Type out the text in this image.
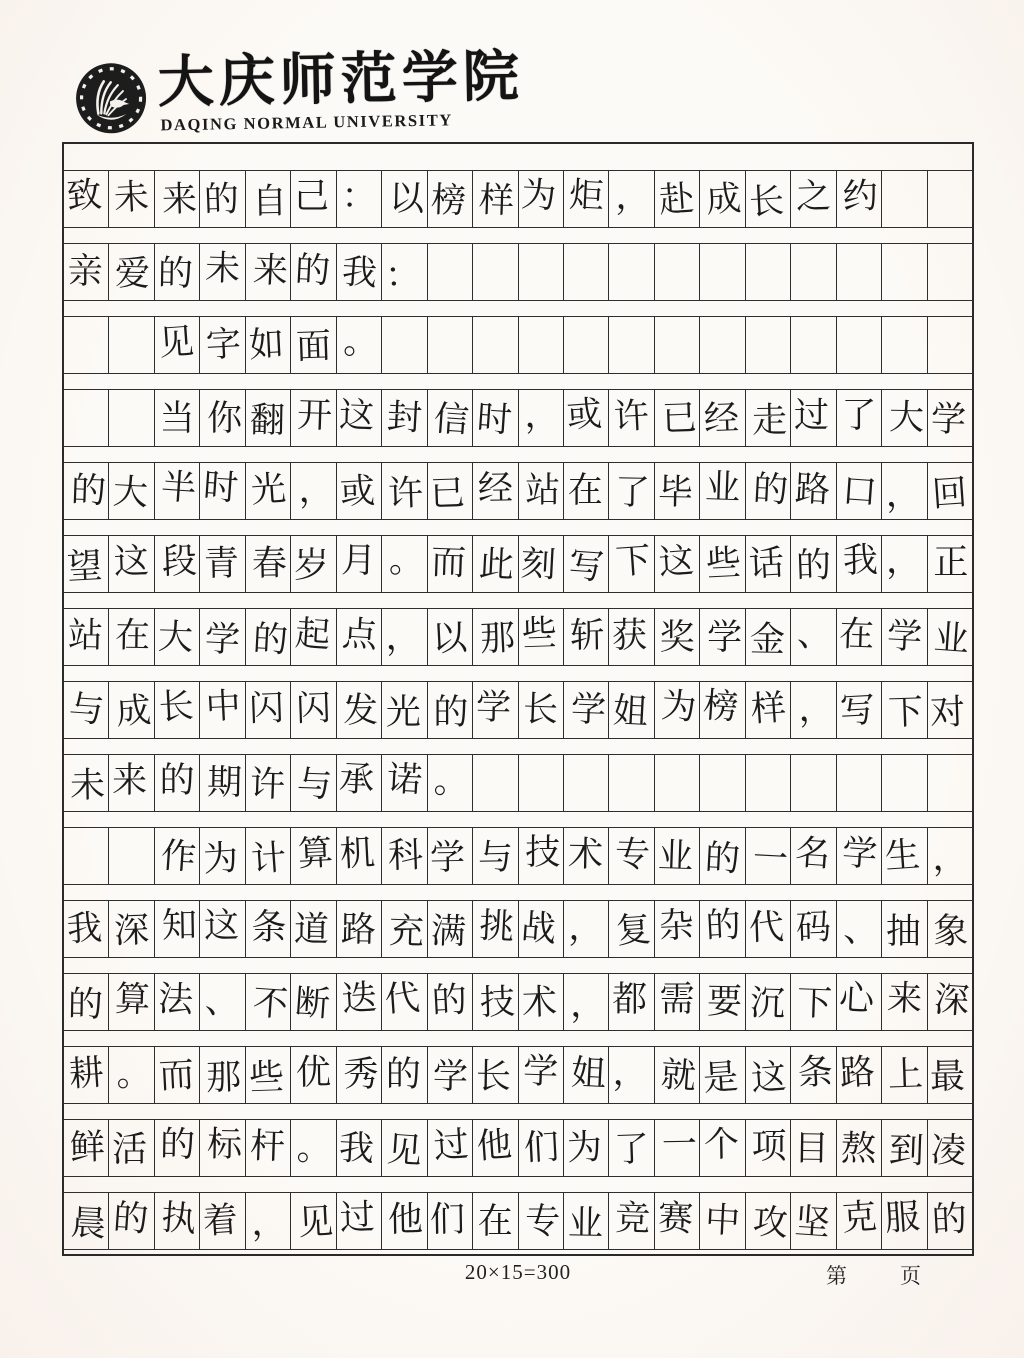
大庆师范学院
DAQING NORMAL UNIVERSITY
致 未 来 的 自 己 ： 以 榜 样 为 炬 ， 赴 成 长 之 约
亲 爱 的 未 来 的 我 ：
见 字 如 面 。
当 你 翻 开 这 封 信 时 ， 或 许 已 经 走 过 了 大 学
的 大 半 时 光 ， 或 许 已 经 站 在 了 毕 业 的 路 口 ， 回
望 这 段 青 春 岁 月 。 而 此 刻 写 下 这 些 话 的 我 ， 正
站 在 大 学 的 起 点 ， 以 那 些 斩 获 奖 学 金 、 在 学 业
与 成 长 中 闪 闪 发 光 的 学 长 学 姐 为 榜 样 ， 写 下 对
未 来 的 期 许 与 承 诺 。
作 为 计 算 机 科 学 与 技 术 专 业 的 一 名 学 生 ，
我 深 知 这 条 道 路 充 满 挑 战 ， 复 杂 的 代 码 、 抽 象
的 算 法 、 不 断 迭 代 的 技 术 ， 都 需 要 沉 下 心 来 深
耕 。 而 那 些 优 秀 的 学 长 学 姐 ， 就 是 这 条 路 上 最
鲜 活 的 标 杆 。 我 见 过 他 们 为 了 一 个 项 目 熬 到 凌
晨 的 执 着 ， 见 过 他 们 在 专 业 竞 赛 中 攻 坚 克 服 的
20×15=300	第	页
